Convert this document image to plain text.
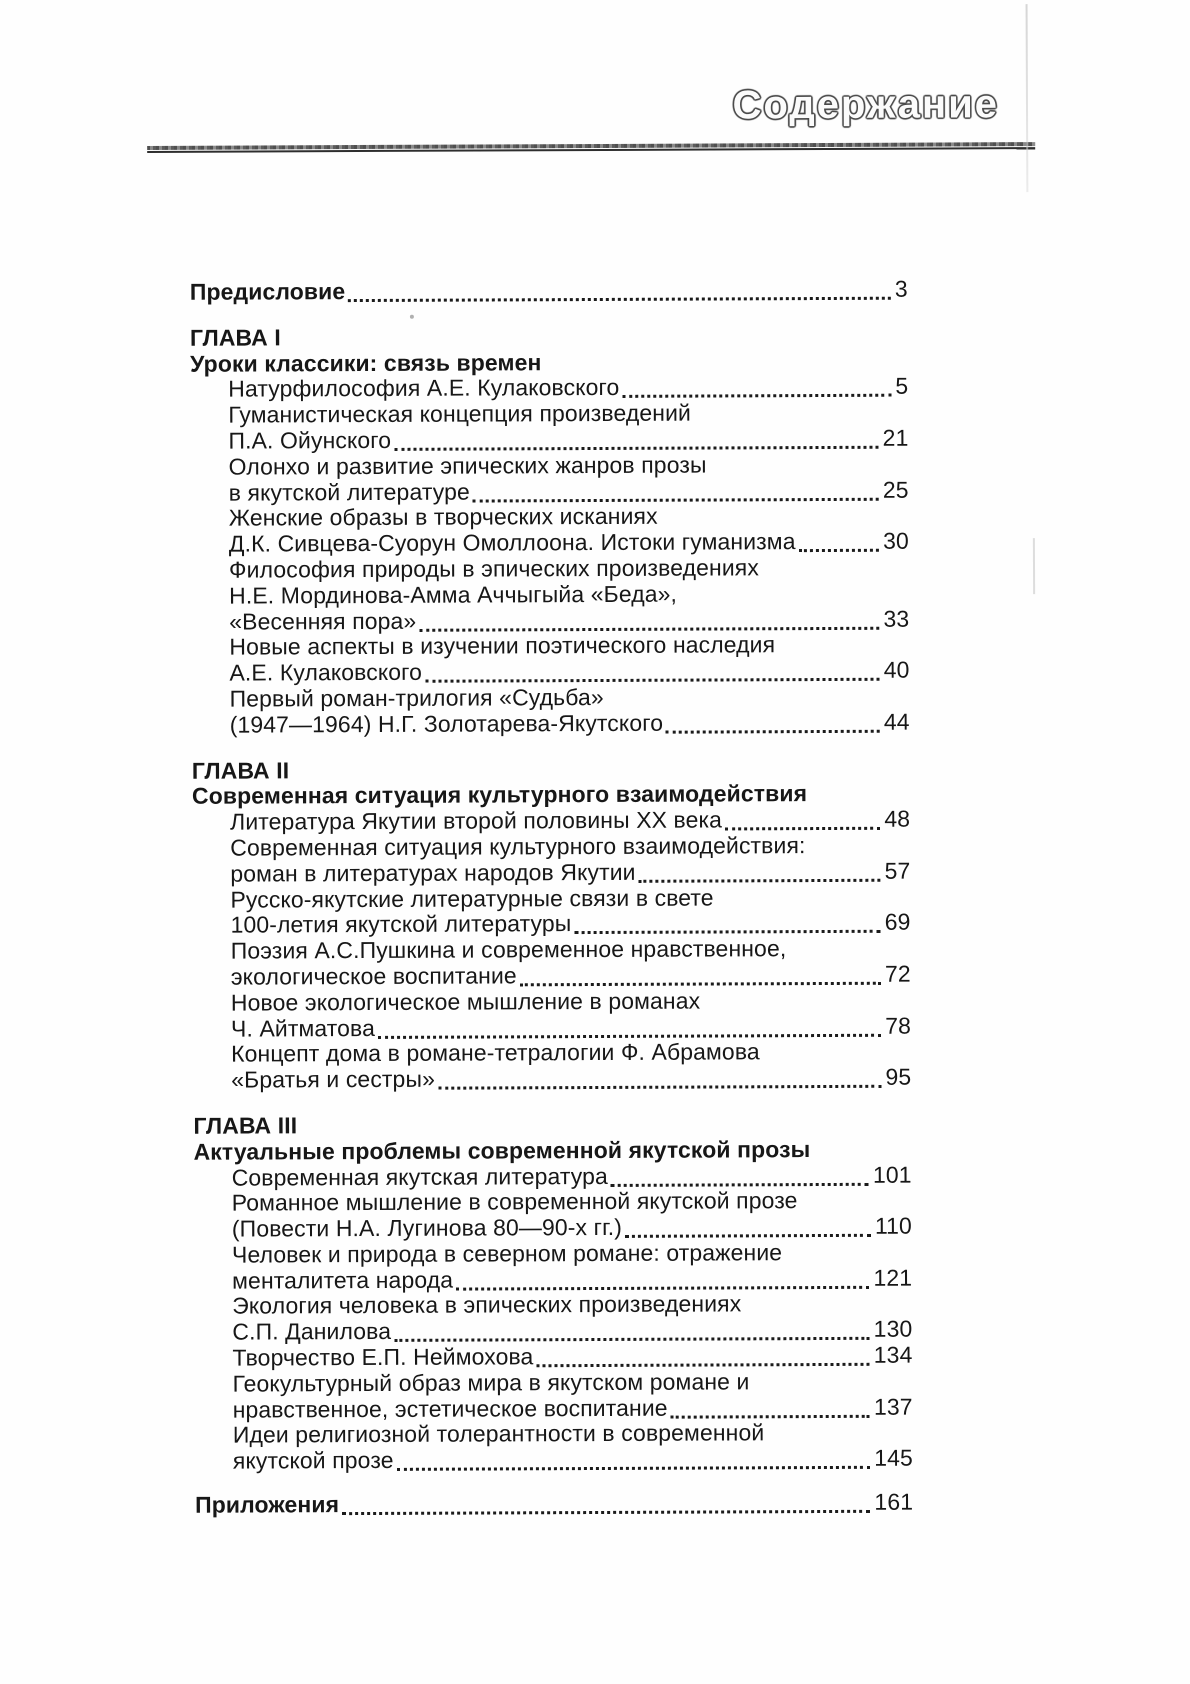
Содержание
Предисловие	3
ГЛАВА I
Уроки классики: связь времен
Натурфилософия А.Е. Кулаковского	5
Гуманистическая концепция произведений
П.А. Ойунского	21
Олонхо и развитие эпических жанров прозы
в якутской литературе	25
Женские образы в творческих исканиях
Д.К. Сивцева-Суорун Омоллоона. Истоки гуманизма	30
Философия природы в эпических произведениях
Н.Е. Мординова-Амма Аччыгыйа «Беда»,
«Весенняя пора»	33
Новые аспекты в изучении поэтического наследия
А.Е. Кулаковского	40
Первый роман-трилогия «Судьба»
(1947—1964) Н.Г. Золотарева-Якутского	44
ГЛАВА II
Современная ситуация культурного взаимодействия
Литература Якутии второй половины XX века	48
Современная ситуация культурного взаимодействия:
роман в литературах народов Якутии	57
Русско-якутские литературные связи в свете
100-летия якутской литературы	69
Поэзия А.С.Пушкина и современное нравственное,
экологическое воспитание	72
Новое экологическое мышление в романах
Ч. Айтматова	78
Концепт дома в романе-тетралогии Ф. Абрамова
«Братья и сестры»	95
ГЛАВА III
Актуальные проблемы современной якутской прозы
Современная якутская литература	101
Романное мышление в современной якутской прозе
(Повести Н.А. Лугинова 80—90-х гг.)	110
Человек и природа в северном романе: отражение
менталитета народа	121
Экология человека в эпических произведениях
С.П. Данилова	130
Творчество Е.П. Неймохова	134
Геокультурный образ мира в якутском романе и
нравственное, эстетическое воспитание	137
Идеи религиозной толерантности в современной
якутской прозе	145
Приложения	161
